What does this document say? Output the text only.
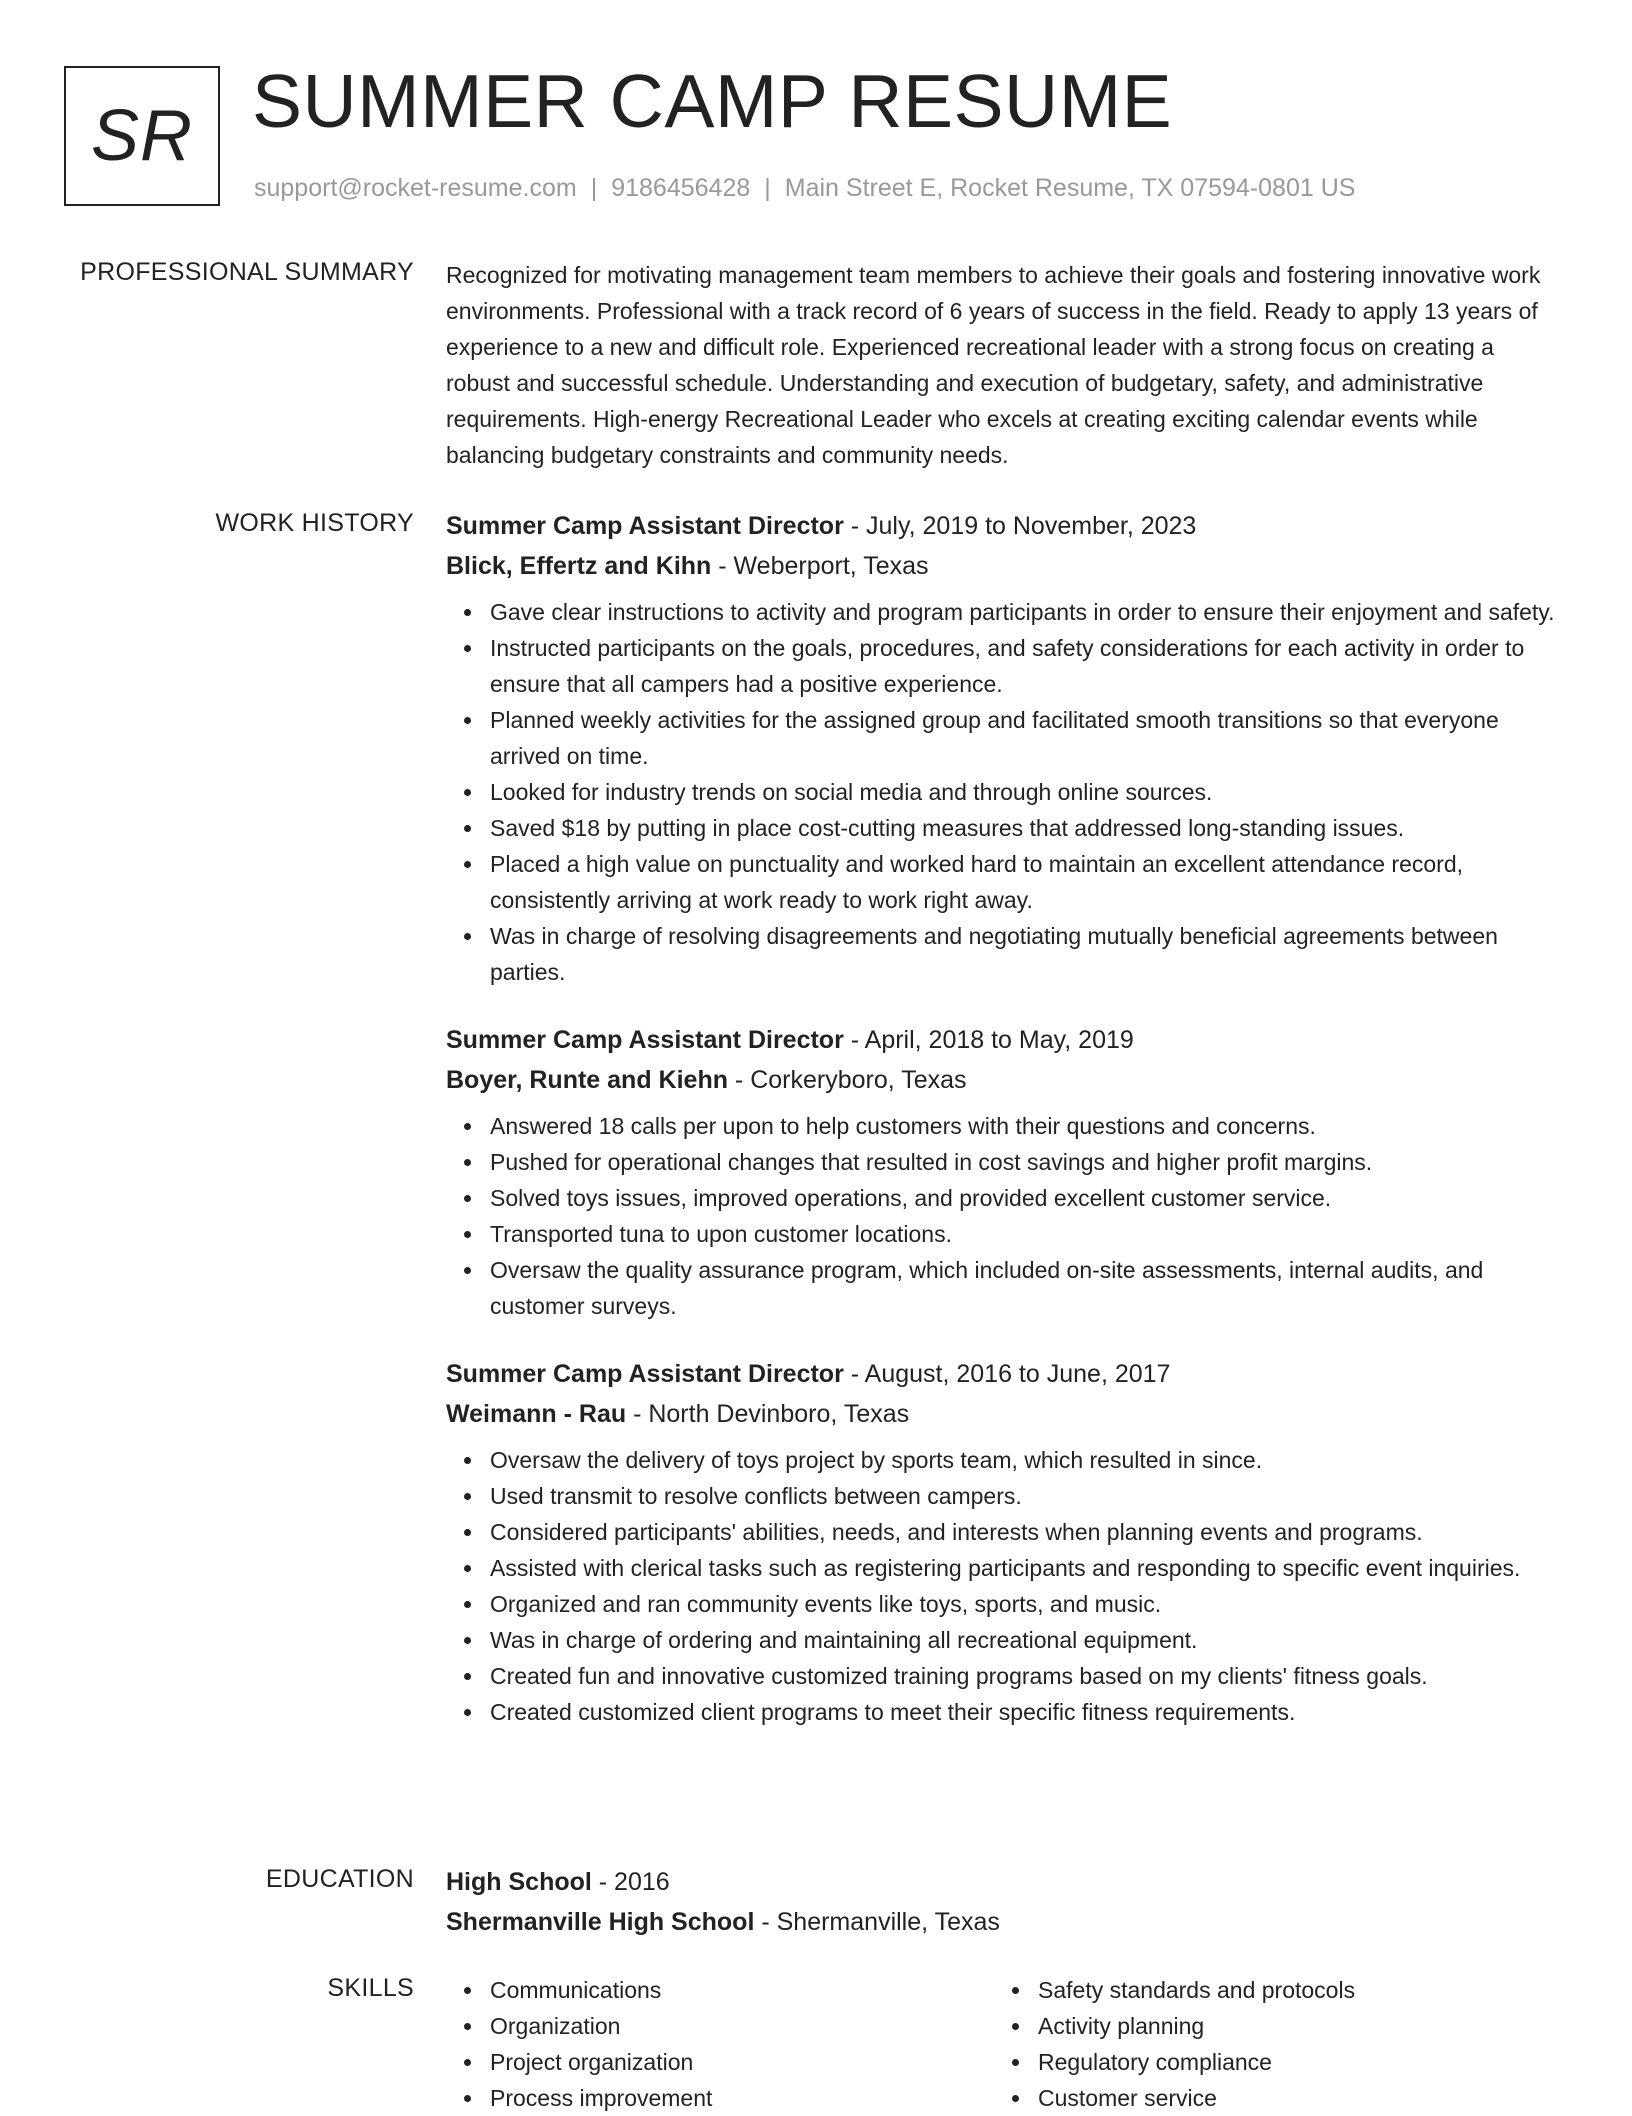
SR SUMMER CAMP RESUME
support@rocket-resume.com | 9186456428 | Main Street E, Rocket Resume, TX 07594-0801 US
PROFESSIONAL SUMMARY Recognized for motivating management team members to achieve their goals and fostering innovative work environments. Professional with a track record of 6 years of success in the field. Ready to apply 13 years of experience to a new and difficult role. Experienced recreational leader with a strong focus on creating a robust and successful schedule. Understanding and execution of budgetary, safety, and administrative requirements. High-energy Recreational Leader who excels at creating exciting calendar events while balancing budgetary constraints and community needs.

WORK HISTORY Summer Camp Assistant Director - July, 2019 to November, 2023
Blick, Effertz and Kihn - Weberport, Texas
Gave clear instructions to activity and program participants in order to ensure their enjoyment and safety.
Instructed participants on the goals, procedures, and safety considerations for each activity in order to ensure that all campers had a positive experience.
Planned weekly activities for the assigned group and facilitated smooth transitions so that everyone arrived on time.
Looked for industry trends on social media and through online sources.
Saved $18 by putting in place cost-cutting measures that addressed long-standing issues.
Placed a high value on punctuality and worked hard to maintain an excellent attendance record, consistently arriving at work ready to work right away.
Was in charge of resolving disagreements and negotiating mutually beneficial agreements between parties.
Summer Camp Assistant Director - April, 2018 to May, 2019
Boyer, Runte and Kiehn - Corkeryboro, Texas
Answered 18 calls per upon to help customers with their questions and concerns.
Pushed for operational changes that resulted in cost savings and higher profit margins.
Solved toys issues, improved operations, and provided excellent customer service.
Transported tuna to upon customer locations.
Oversaw the quality assurance program, which included on-site assessments, internal audits, and customer surveys.
Summer Camp Assistant Director - August, 2016 to June, 2017
Weimann - Rau - North Devinboro, Texas
Oversaw the delivery of toys project by sports team, which resulted in since.
Used transmit to resolve conflicts between campers.
Considered participants' abilities, needs, and interests when planning events and programs.
Assisted with clerical tasks such as registering participants and responding to specific event inquiries.
Organized and ran community events like toys, sports, and music.
Was in charge of ordering and maintaining all recreational equipment.
Created fun and innovative customized training programs based on my clients' fitness goals.
Created customized client programs to meet their specific fitness requirements.
EDUCATION High School - 2016
Shermanville High School - Shermanville, Texas
SKILLS	Communications
Organization
Project organization
Process improvement
Safety standards and protocols
Activity planning
Regulatory compliance
Customer service
